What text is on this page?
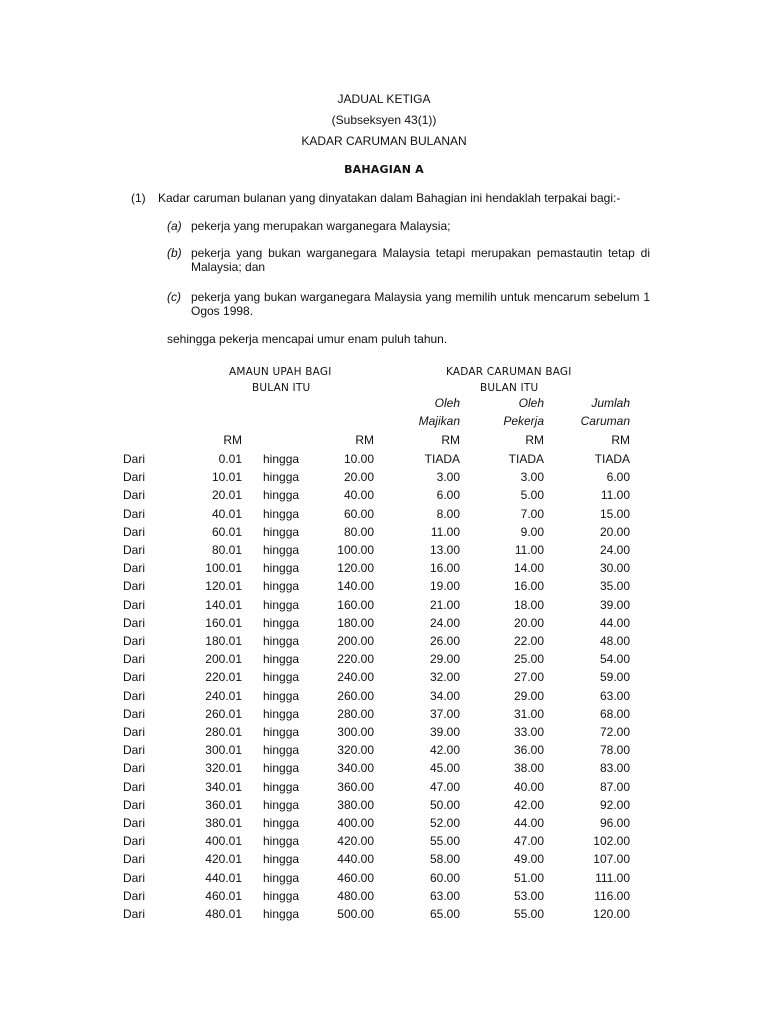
JADUAL KETIGA
(Subseksyen 43(1))
KADAR CARUMAN BULANAN
BAHAGIAN A
(1) Kadar caruman bulanan yang dinyatakan dalam Bahagian ini hendaklah terpakai bagi:-
(a) pekerja yang merupakan warganegara Malaysia;
(b) pekerja yang bukan warganegara Malaysia tetapi merupakan pemastautin tetap di
Malaysia; dan
(c) pekerja yang bukan warganegara Malaysia yang memilih untuk mencarum sebelum 1
Ogos 1998.
sehingga pekerja mencapai umur enam puluh tahun.
AMAUN UPAH BAGI
BULAN ITU
KADAR CARUMAN BAGI
BULAN ITU
Oleh
Majikan
Oleh
Pekerja
Jumlah
Caruman
RM	RM	RM	RM	RM
Dari	0.01 hingga	10.00	TIADA	TIADA	TIADA
Dari	10.01 hingga	20.00	3.00	3.00	6.00
Dari	20.01 hingga	40.00	6.00	5.00	11.00
Dari	40.01 hingga	60.00	8.00	7.00	15.00
Dari	60.01 hingga	80.00	11.00	9.00	20.00
Dari	80.01 hingga	100.00	13.00	11.00	24.00
Dari	100.01 hingga	120.00	16.00	14.00	30.00
Dari	120.01 hingga	140.00	19.00	16.00	35.00
Dari	140.01 hingga	160.00	21.00	18.00	39.00
Dari	160.01 hingga	180.00	24.00	20.00	44.00
Dari	180.01 hingga	200.00	26.00	22.00	48.00
Dari	200.01 hingga	220.00	29.00	25.00	54.00
Dari	220.01 hingga	240.00	32.00	27.00	59.00
Dari	240.01 hingga	260.00	34.00	29.00	63.00
Dari	260.01 hingga	280.00	37.00	31.00	68.00
Dari	280.01 hingga	300.00	39.00	33.00	72.00
Dari	300.01 hingga	320.00	42.00	36.00	78.00
Dari	320.01 hingga	340.00	45.00	38.00	83.00
Dari	340.01 hingga	360.00	47.00	40.00	87.00
Dari	360.01 hingga	380.00	50.00	42.00	92.00
Dari	380.01 hingga	400.00	52.00	44.00	96.00
Dari	400.01 hingga	420.00	55.00	47.00	102.00
Dari	420.01 hingga	440.00	58.00	49.00	107.00
Dari	440.01 hingga	460.00	60.00	51.00	111.00
Dari	460.01 hingga	480.00	63.00	53.00	116.00
Dari	480.01 hingga	500.00	65.00	55.00	120.00
